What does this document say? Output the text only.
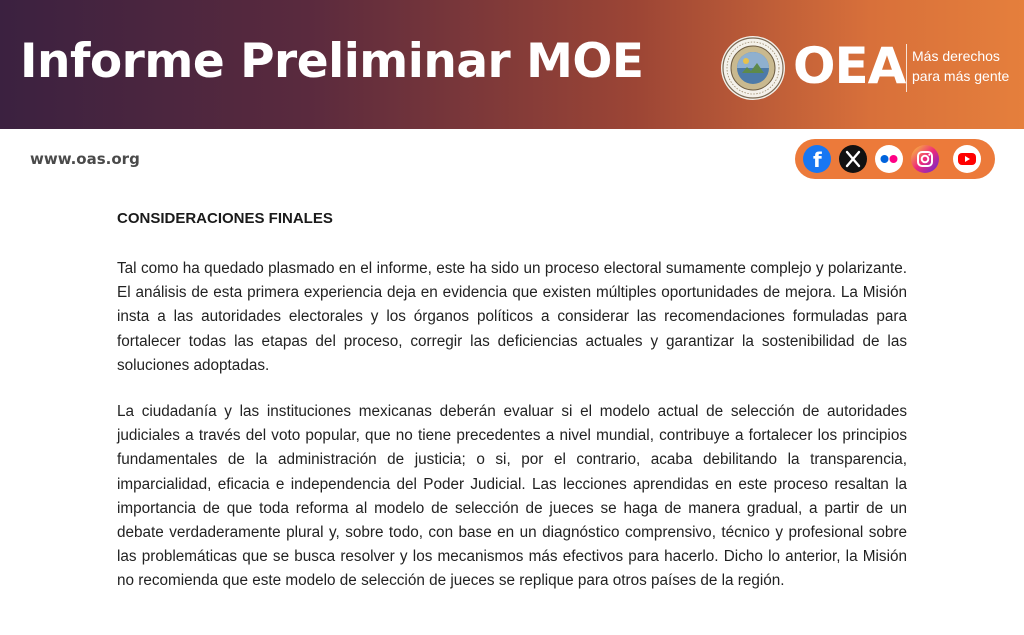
Informe Preliminar MOE	OEA Más derechos
para más gente
www.oas.org	f
CONSIDERACIONES FINALES

Tal como ha quedado plasmado en el informe, este ha sido un proceso electoral sumamente complejo y polarizante. El análisis de esta primera experiencia deja en evidencia que existen múltiples oportunidades de mejora. La Misión insta a las autoridades electorales y los órganos políticos a considerar las recomendaciones formuladas para fortalecer todas las etapas del proceso, corregir las deficiencias actuales y garantizar la sostenibilidad de las soluciones adoptadas.

La ciudadanía y las instituciones mexicanas deberán evaluar si el modelo actual de selección de autoridades judiciales a través del voto popular, que no tiene precedentes a nivel mundial, contribuye a fortalecer los principios fundamentales de la administración de justicia; o si, por el contrario, acaba debilitando la transparencia, imparcialidad, eficacia e independencia del Poder Judicial. Las lecciones aprendidas en este proceso resaltan la importancia de que toda reforma al modelo de selección de jueces se haga de manera gradual, a partir de un debate verdaderamente plural y, sobre todo, con base en un diagnóstico comprensivo, técnico y profesional sobre las problemáticas que se busca resolver y los mecanismos más efectivos para hacerlo. Dicho lo anterior, la Misión no recomienda que este modelo de selección de jueces se replique para otros países de la región.
